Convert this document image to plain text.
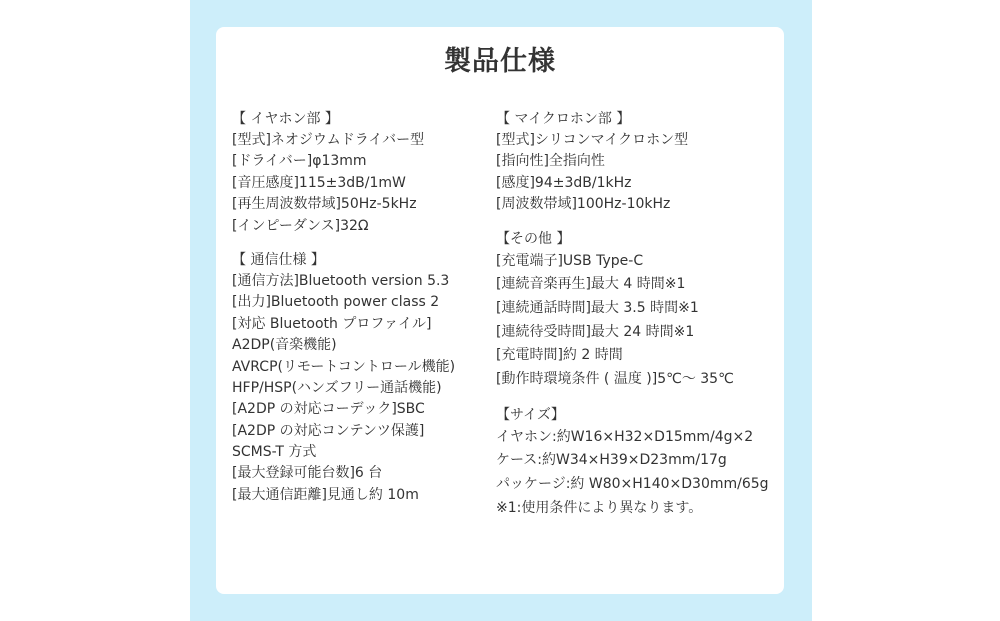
製品仕様
【 イヤホン部 】
[型式]ネオジウムドライバー型
[ドライバー]φ13mm
[音圧感度]115±3dB/1mW
[再生周波数帯域]50Hz-5kHz
[インピーダンス]32Ω
【 通信仕様 】
[通信方法]Bluetooth version 5.3
[出力]Bluetooth power class 2
[対応 Bluetooth プロファイル]
A2DP(音楽機能)
AVRCP(リモートコントロール機能)
HFP/HSP(ハンズフリー通話機能)
[A2DP の対応コーデック]SBC
[A2DP の対応コンテンツ保護]
SCMS-T 方式
[最大登録可能台数]6 台
[最大通信距離]見通し約 10m
【 マイクロホン部 】
[型式]シリコンマイクロホン型
[指向性]全指向性
[感度]94±3dB/1kHz
[周波数帯域]100Hz-10kHz
【その他 】
[充電端子]USB Type-C
[連続音楽再生]最大 4 時間※1
[連続通話時間]最大 3.5 時間※1
[連続待受時間]最大 24 時間※1
[充電時間]約 2 時間
[動作時環境条件 ( 温度 )]5℃〜 35℃
【サイズ】
イヤホン:約W16×H32×D15mm/4g×2
ケース:約W34×H39×D23mm/17g
パッケージ:約 W80×H140×D30mm/65g
※1:使用条件により異なります。
